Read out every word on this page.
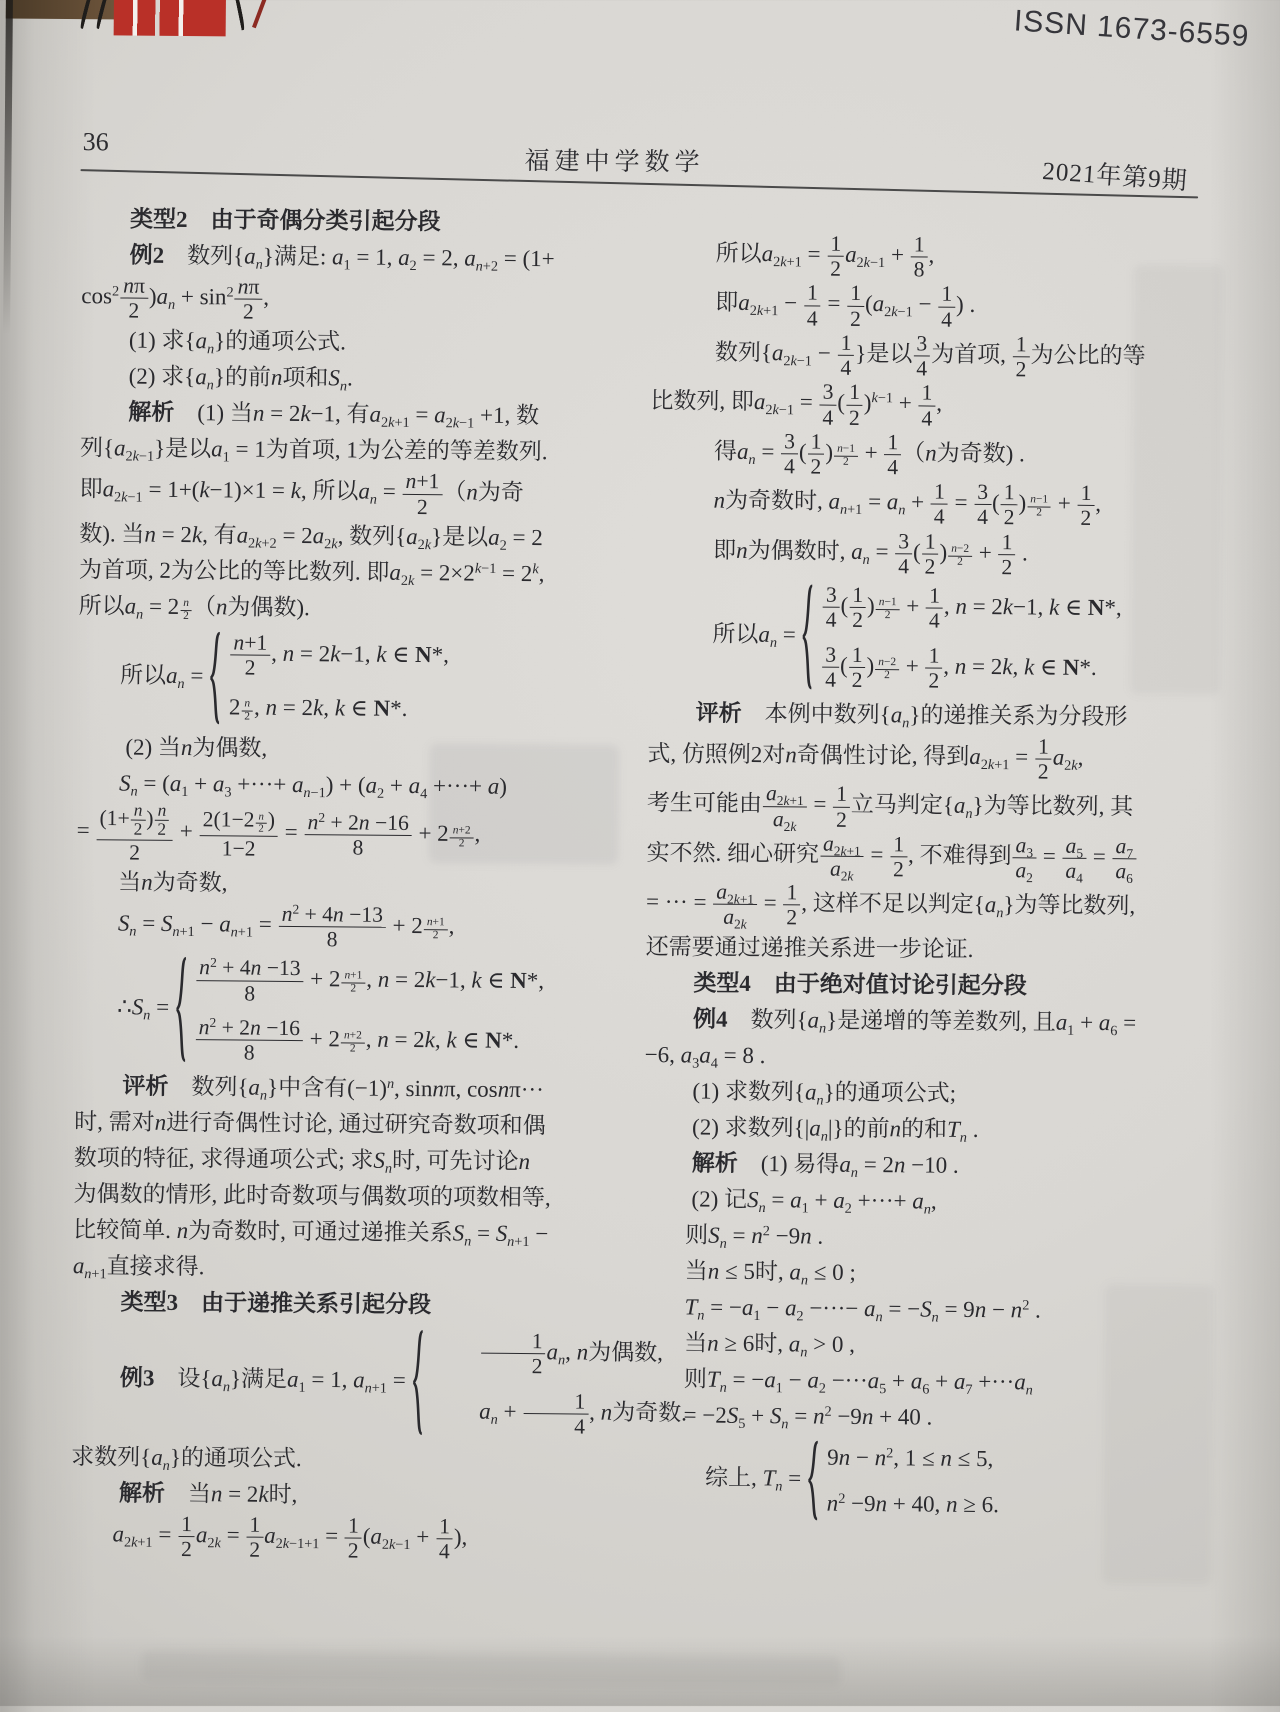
ISSN 1673-6559
36
福建中学数学	2021年第9期
类型2　由于奇偶分类引起分段
例2　数列$\{a_n\}$满足: $a_1 = 1$, $a_2 = 2$, $a_{n+2} = (1+$
$\cos^2 \frac{n\pi}{2} )a_n + \sin^2 \frac{n\pi}{2}$ ,
(1) 求$\{a_n\}$的通项公式.
(2) 求$\{a_n\}$的前n项和$S_n$.
解析　(1) 当n = 2k−1, 有$a_{2k+1} = a_{2k-1} +1$, 数
列$\{a_{2k-1}\}$是以$a_1 = 1$为首项, 1为公差的等差数列.
即$a_{2k-1} = 1+(k-1)\times 1 = k$, 所以$a_n = \frac{n+1}{2} (n$为奇
数). 当n = 2k, 有$a_{2k+2} = 2a_{2k}$, 数列$\{a_{2k}\}$是以$a_2 = 2$
为首项, 2为公比的等比数列. 即$a_{2k} = 2\times 2^{k-1} = 2^k$,
所以$a_n = 2$ $^{\frac{n}{2}}$ （n为偶数).
所以$a_n = \frac{n+1}{2}$ , n = 2k−1, k ∈ N*,
2 $^{\frac{n}{2}}$ , n = 2k, k ∈ N*.
(2) 当n为偶数,
$S_n = (a_1 + a_3$ +···+ $a_{n-1}) + (a_2 + a_4$ +···+ a)
= $\frac{(1+ \frac{n}{2} ) \frac{n}{2}}{2} + 2(1-2$ $^{\frac{n}{2}}$ )
$1-2 = \frac{n^2 + 2n -16}{8} + 2$ $^{\frac{n+2}{2}}$ ,
当n为奇数,
$S_n = S_{n+1} - a_{n+1} = \frac{n^2 + 4n -13}{8} + 2$ $^{\frac{n+1}{2}}$ ,
$\therefore S_n$ =
$\frac{n^2 + 4n -13}{8} + 2$ $^{\frac{n+1}{2}}$ , n = 2k−1, k ∈ N*,
$\frac{n^2 + 2n -16}{8} + 2$ $^{\frac{n+2}{2}}$ , n = 2k, k ∈ N*.
评析　数列$\{a_n\}$中含有$(-1)^n$, sinnπ, cosnπ···
时, 需对n进行奇偶性讨论, 通过研究奇数项和偶
数项的特征, 求得通项公式; 求$S_n$时, 可先讨论n
为偶数的情形, 此时奇数项与偶数项的项数相等,
比较简单. n为奇数时, 可通过递推关系$S_n = S_{n+1}$ −
$a_{n+1}$直接求得.
类型3　由于递推关系引起分段
例3　设$\{a_n\}$满足$a_1 = 1$, $a_{n+1}$ =
$\frac{1}{2} a_n$, n为偶数,
$a_n + \frac{1}{4}$ , n为奇数.
求数列$\{a_n\}$的通项公式.
解析　当n = 2k时,
$a_{2k+1} = \frac{1}{2} a_{2k} = \frac{1}{2} a_{2k-1+1} = \frac{1}{2} (a_{2k-1} + \frac{1}{4}$ ),
所以$a_{2k+1} = \frac{1}{2} a_{2k-1} + \frac{1}{8}$ ,
即$a_{2k+1} - \frac{1}{4} = \frac{1}{2} (a_{2k-1} - \frac{1}{4}$ ) .
数列{$a_{2k-1} - \frac{1}{4}$ }是以 $\frac{3}{4}$ 为首项, $\frac{1}{2}$ 为公比的等
比数列, 即$a_{2k-1} = \frac{3}{4}$ ( $\frac{1}{2} )^{k-1} + \frac{1}{4}$ ,
得$a_n = \frac{3}{4}$ ( $\frac{1}{2}$ ) $^{\frac{n-1}{2}} + \frac{1}{4} (n$为奇数) .
n为奇数时, $a_{n+1} = a_n + \frac{1}{4} = \frac{3}{4}$ ( $\frac{1}{2}$ ) $^{\frac{n-1}{2}} + \frac{1}{2}$ ,
即n为偶数时, $a_n = \frac{3}{4}$ ( $\frac{1}{2}$ ) $^{\frac{n-2}{2}} + \frac{1}{2}$ .
所以$a_n$ =
$\frac{3}{4}$ ( $\frac{1}{2}$ ) $^{\frac{n-1}{2}} + \frac{1}{4}$ , n = 2k−1, k ∈ N*,
$\frac{3}{4}$ ( $\frac{1}{2}$ ) $^{\frac{n-2}{2}} + \frac{1}{2}$ , n = 2k, k ∈ N*.
评析　本例中数列$\{a_n\}$的递推关系为分段形
式, 仿照例2对n奇偶性讨论, 得到$a_{2k+1} = \frac{1}{2} a_{2k}$,
考生可能由 $\frac{a_{2k+1}}{a_{2k}} = \frac{1}{2}$ 立马判定$\{a_n\}$为等比数列, 其
实不然. 细心研究 $\frac{a_{2k+1}}{a_{2k}} = \frac{1}{2}$ , 不难得到 $\frac{a_3}{a_2} = \frac{a_5}{a_4} = \frac{a_7}{a_6}$
= ··· = $\frac{a_{2k+1}}{a_{2k}} = \frac{1}{2}$ , 这样不足以判定$\{a_n\}$为等比数列,
还需要通过递推关系进一步论证.
类型4　由于绝对值讨论引起分段
例4　数列$\{a_n\}$是递增的等差数列, 且$a_1 + a_6$ =
−6, $a_3a_4 = 8$ .
(1) 求数列$\{a_n\}$的通项公式;
(2) 求数列$\{|a_n|\}$的前n的和$T_n$ .
解析　(1) 易得$a_n = 2n -10$ .
(2) 记$S_n = a_1 + a_2$ +···+ $a_n$,
则$S_n = n^2 -9n$ .
当n ≤ 5时, $a_n \le 0$ ;
$T_n = -a_1 - a_2$ −···− $a_n = -S_n = 9n - n^2$ .
当n ≥ 6时, $a_n > 0$ ,
则$T_n = -a_1 - a_2 -\cdot\cdot\cdot a_5 + a_6 + a_7 +\cdot\cdot\cdot a_n$
= $-2S_5 + S_n = n^2 -9n + 40$ .
综上, $T_n$ =
$9n - n^2$, 1 ≤ n ≤ 5,
$n^2 -9n + 40$, n ≥ 6.
